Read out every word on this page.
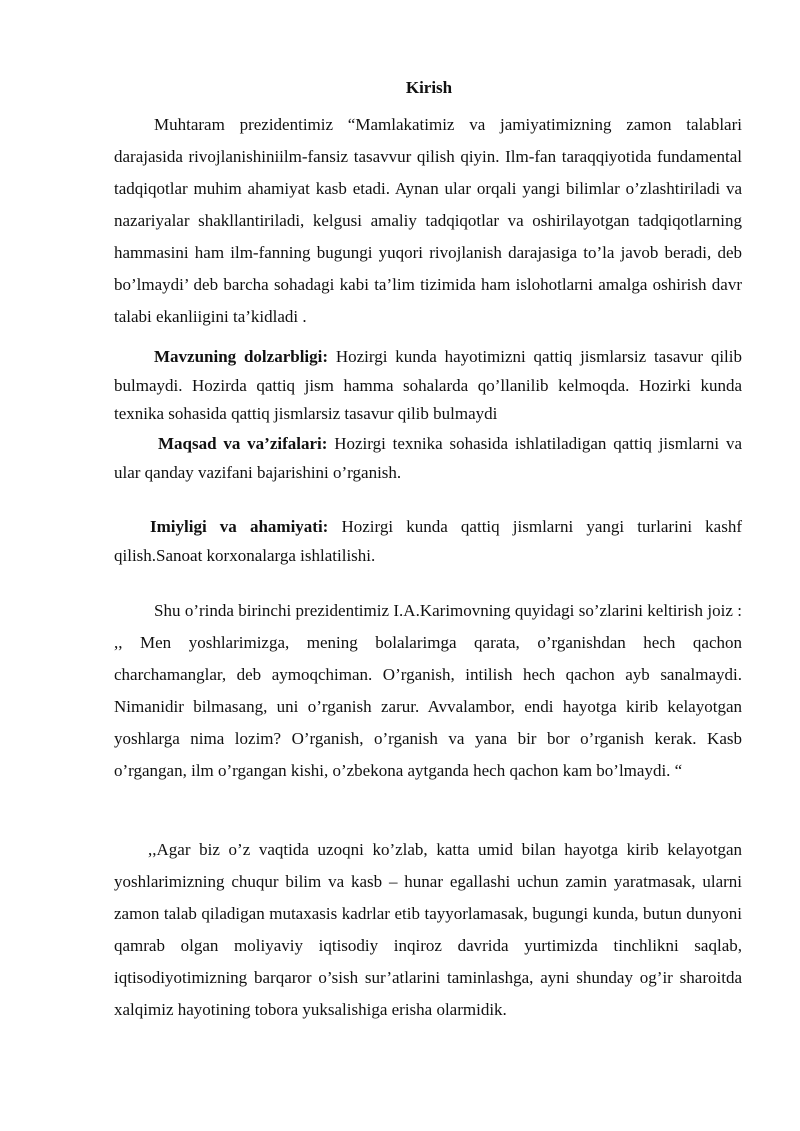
Kirish

Muhtaram prezidentimiz “Mamlakatimiz va jamiyatimizning zamon talablari darajasida rivojlanishiniilm-fansiz tasavvur qilish qiyin. Ilm-fan taraqqiyotida fundamental tadqiqotlar muhim ahamiyat kasb etadi. Aynan ular orqali yangi bilimlar o’zlashtiriladi va nazariyalar shakllantiriladi, kelgusi amaliy tadqiqotlar va oshirilayotgan tadqiqotlarning hammasini ham ilm-fanning bugungi yuqori rivojlanish darajasiga to’la javob beradi, deb bo’lmaydi’ deb barcha sohadagi kabi ta’lim tizimida ham islohotlarni amalga oshirish davr talabi ekanliigini ta’kidladi .

Mavzuning dolzarbligi: Hozirgi kunda hayotimizni qattiq jismlarsiz tasavur qilib bulmaydi. Hozirda qattiq jism hamma sohalarda qo’llanilib kelmoqda. Hozirki kunda texnika sohasida qattiq jismlarsiz tasavur qilib bulmaydi

Maqsad va va’zifalari: Hozirgi texnika sohasida ishlatiladigan qattiq jismlarni va ular qanday vazifani bajarishini o’rganish.

Imiyligi va ahamiyati: Hozirgi kunda qattiq jismlarni yangi turlarini kashf qilish.Sanoat korxonalarga ishlatilishi.

Shu o’rinda birinchi prezidentimiz I.A.Karimovning quyidagi so’zlarini keltirish joiz : ,, Men yoshlarimizga, mening bolalarimga qarata, o’rganishdan hech qachon charchamanglar, deb aymoqchiman. O’rganish, intilish hech qachon ayb sanalmaydi. Nimanidir bilmasang, uni o’rganish zarur. Avvalambor, endi hayotga kirib kelayotgan yoshlarga nima lozim? O’rganish, o’rganish va yana bir bor o’rganish kerak. Kasb o’rgangan, ilm o’rgangan kishi, o’zbekona aytganda hech qachon kam bo’lmaydi. “

,,Agar biz o’z vaqtida uzoqni ko’zlab, katta umid bilan hayotga kirib kelayotgan yoshlarimizning chuqur bilim va kasb – hunar egallashi uchun zamin yaratmasak, ularni zamon talab qiladigan mutaxasis kadrlar etib tayyorlamasak, bugungi kunda, butun dunyoni qamrab olgan moliyaviy iqtisodiy inqiroz davrida yurtimizda tinchlikni saqlab, iqtisodiyotimizning barqaror o’sish sur’atlarini taminlashga, ayni shunday og’ir sharoitda xalqimiz hayotining tobora yuksalishiga erisha olarmidik.
